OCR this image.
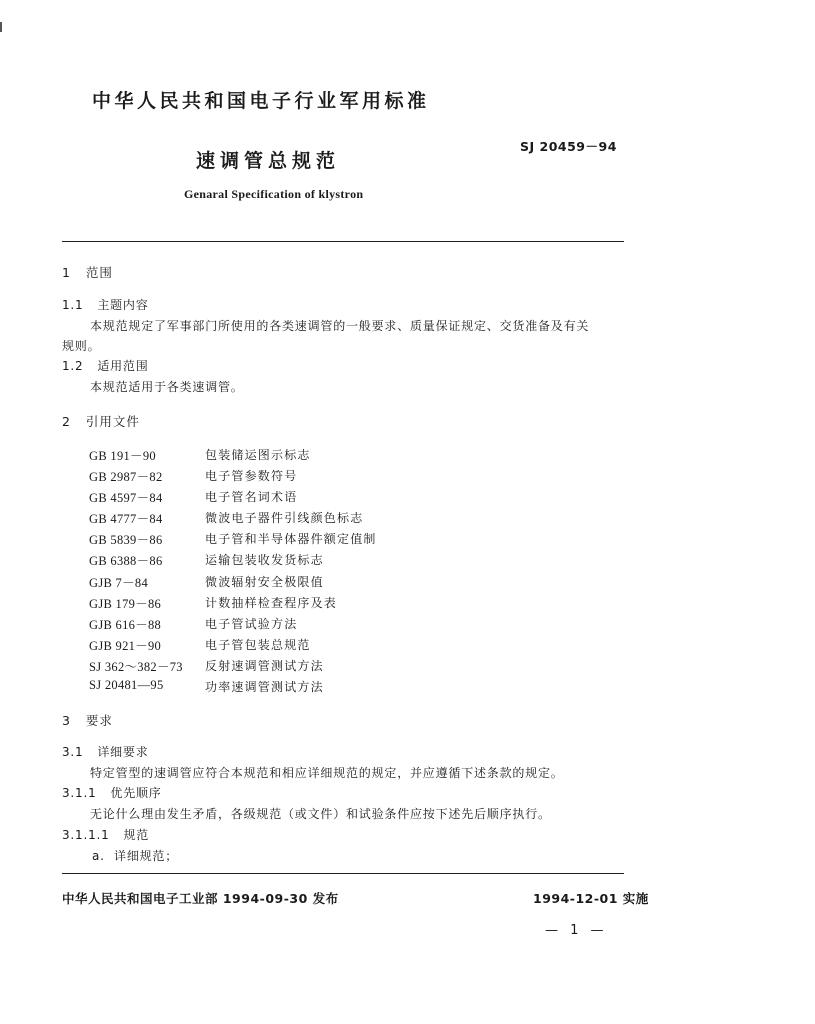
中华人民共和国电子行业军用标准
SJ 20459－94
速调管总规范
Genaral Specification of klystron
1 范围
1.1 主题内容
本规范规定了军事部门所使用的各类速调管的一般要求、质量保证规定、交货准备及有关
规则。
1.2 适用范围
本规范适用于各类速调管。
2 引用文件
GB 191－90	包装储运图示标志
GB 2987－82	电子管参数符号
GB 4597－84	电子管名词术语
GB 4777－84	微波电子器件引线颜色标志
GB 5839－86	电子管和半导体器件额定值制
GB 6388－86	运输包装收发货标志
GJB 7－84	微波辐射安全极限值
GJB 179－86	计数抽样检查程序及表
GJB 616－88	电子管试验方法
GJB 921－90	电子管包装总规范
SJ 362～382－73 反射速调管测试方法
SJ 20481—95	功率速调管测试方法
3 要求
3.1 详细要求
特定管型的速调管应符合本规范和相应详细规范的规定，并应遵循下述条款的规定。
3.1.1 优先顺序
无论什么理由发生矛盾，各级规范（或文件）和试验条件应按下述先后顺序执行。
3.1.1.1 规范
a. 详细规范；
中华人民共和国电子工业部 1994-09-30 发布	1994-12-01 实施
— 1 —
